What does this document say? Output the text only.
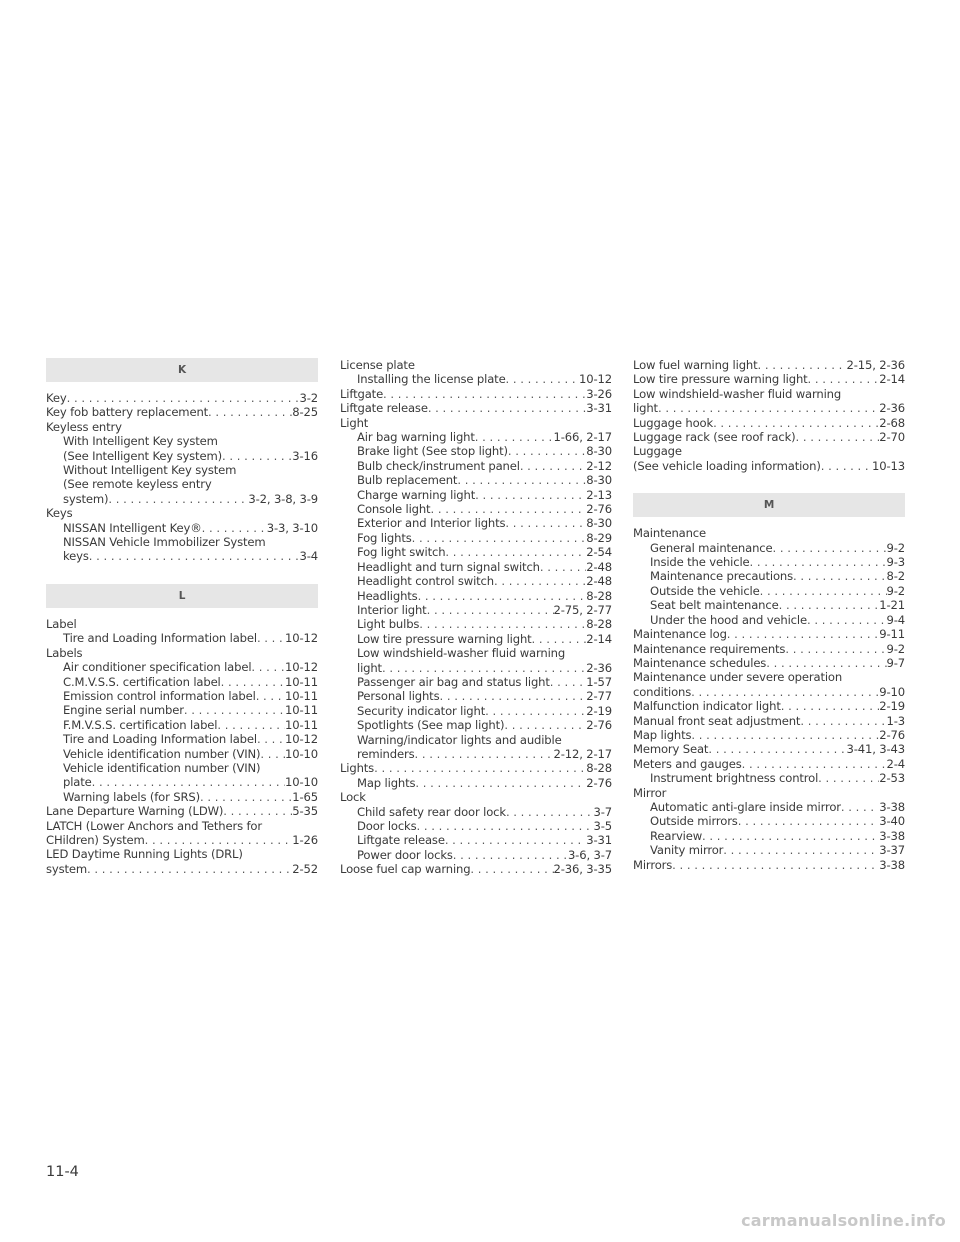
K
Key . . .	3-2
Key fob battery replacement . . .	8-25
Keyless entry
With Intelligent Key system
(See Intelligent Key system) . . .	3-16
Without Intelligent Key system
(See remote keyless entry
system) . . .	3-2, 3-8, 3-9
Keys
NISSAN Intelligent Key® . . .	3-3, 3-10
NISSAN Vehicle Immobilizer System
keys . . .	3-4
L
Label
Tire and Loading Information label . . . 10-12
Labels
Air conditioner specification label . . .	10-12
C.M.V.S.S. certification label . . .	10-11
Emission control information label . . .	10-11
Engine serial number . . .	10-11
F.M.V.S.S. certification label . . .	10-11
Tire and Loading Information label . . . 10-12
Vehicle identification number (VIN) . . . 10-10
Vehicle identification number (VIN)
plate . . .	10-10
Warning labels (for SRS) . . .	1-65
Lane Departure Warning (LDW) . . .	5-35
LATCH (Lower Anchors and Tethers for
CHildren) System . . .	1-26
LED Daytime Running Lights (DRL)
system . . .	2-52
License plate
Installing the license plate . . .	10-12
Liftgate . . .	3-26
Liftgate release . . .	3-31
Light
Air bag warning light . . .	1-66, 2-17
Brake light (See stop light) . . .	8-30
Bulb check/instrument panel . . .	2-12
Bulb replacement . . .	8-30
Charge warning light . . .	2-13
Console light . . .	2-76
Exterior and Interior lights . . .	8-30
Fog lights . . .	8-29
Fog light switch . . .	2-54
Headlight and turn signal switch . . .	2-48
Headlight control switch . . .	2-48
Headlights . . .	8-28
Interior light . . .	2-75, 2-77
Light bulbs . . .	8-28
Low tire pressure warning light . . .	2-14
Low windshield-washer fluid warning
light . . .	2-36
Passenger air bag and status light . . .	1-57
Personal lights . . .	2-77
Security indicator light . . .	2-19
Spotlights (See map light) . . .	2-76
Warning/indicator lights and audible
reminders . . .	2-12, 2-17
Lights . . .	8-28
Map lights . . .	2-76
Lock
Child safety rear door lock . . .	3-7
Door locks . . .	3-5
Liftgate release . . .	3-31
Power door locks . . .	3-6, 3-7
Loose fuel cap warning . . .	2-36, 3-35
Low fuel warning light . . .	2-15, 2-36
Low tire pressure warning light . . .	2-14
Low windshield-washer fluid warning
light . . .	2-36
Luggage hook . . .	2-68
Luggage rack (see roof rack) . . .	2-70
Luggage
(See vehicle loading information) . . .	10-13
M
Maintenance
General maintenance . . .	9-2
Inside the vehicle . . .	9-3
Maintenance precautions . . .	8-2
Outside the vehicle . . .	9-2
Seat belt maintenance . . .	1-21
Under the hood and vehicle . . .	9-4
Maintenance log . . .	9-11
Maintenance requirements . . .	9-2
Maintenance schedules . . .	9-7
Maintenance under severe operation
conditions . . .	9-10
Malfunction indicator light . . .	2-19
Manual front seat adjustment . . .	1-3
Map lights . . .	2-76
Memory Seat . . .	3-41, 3-43
Meters and gauges . . .	2-4
Instrument brightness control . . .	2-53
Mirror
Automatic anti-glare inside mirror . . .	3-38
Outside mirrors . . .	3-40
Rearview . . .	3-38
Vanity mirror . . .	3-37
Mirrors . . .	3-38
11-4
carmanualsonline.info
